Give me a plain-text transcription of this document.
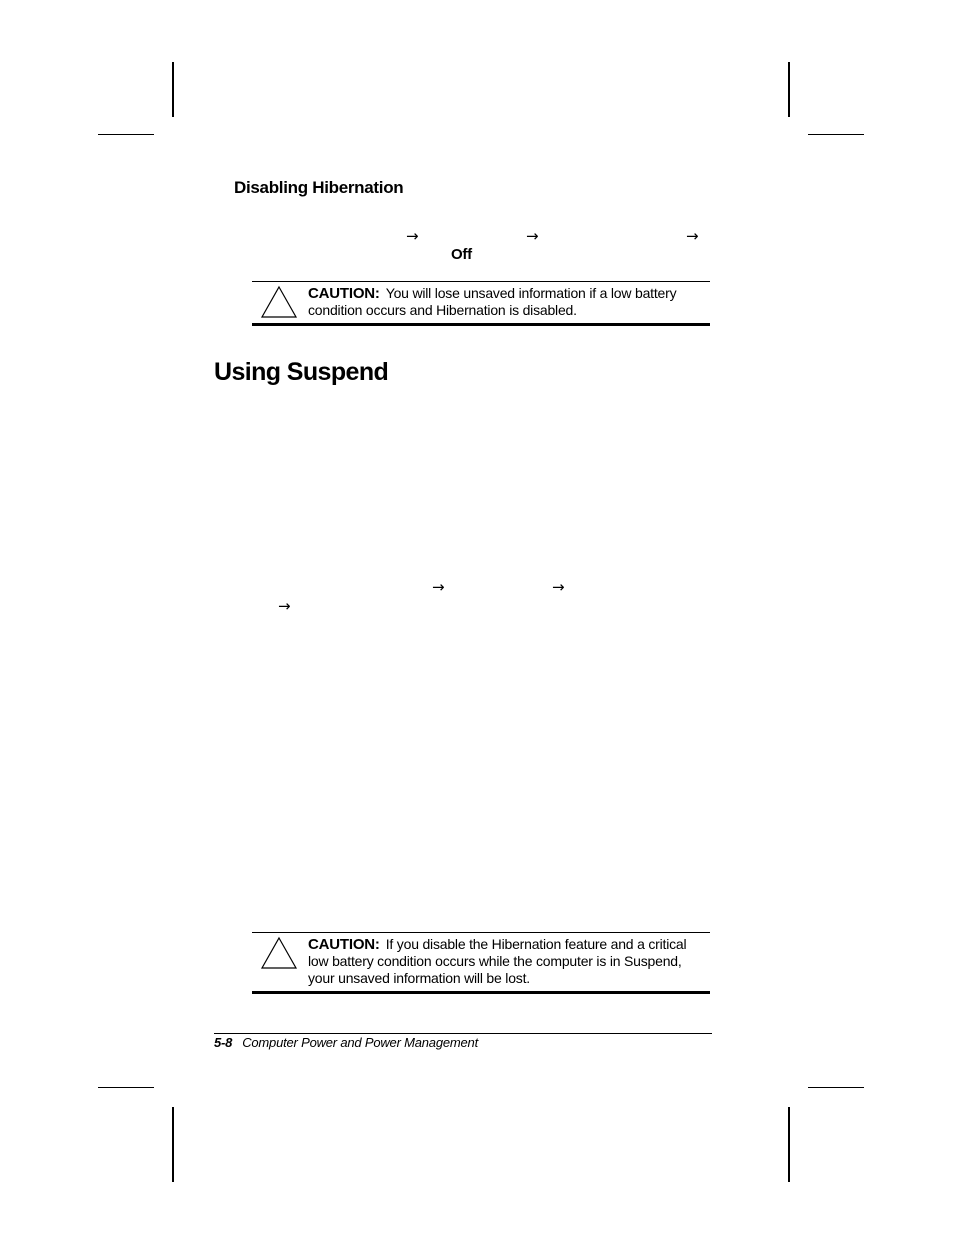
Disabling Hibernation
→	→	→
Off
CAUTION: You will lose unsaved information if a low battery condition occurs and Hibernation is disabled.
Using Suspend
→	→
→
CAUTION: If you disable the Hibernation feature and a critical low battery condition occurs while the computer is in Suspend, your unsaved information will be lost.
5-8 Computer Power and Power Management
